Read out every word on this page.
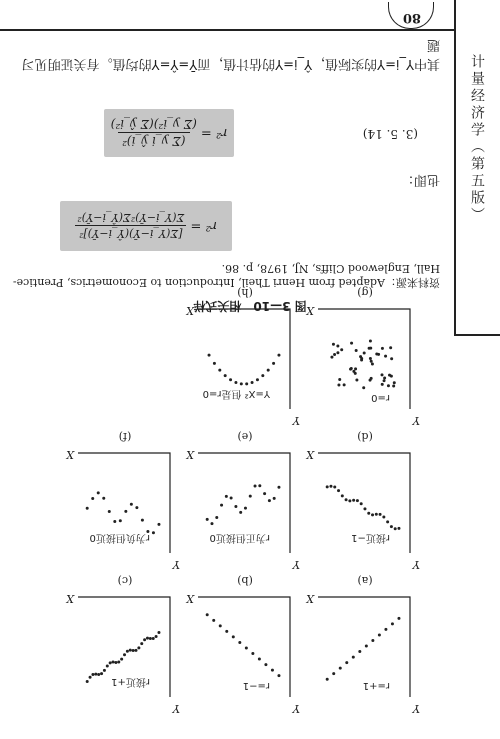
计量经济学（第五版）
80
其中Y_i=Y的实际值，Ŷ_i=Y的估计值，而Ȳ=Ŷ=Y的均值。有关证明见习题
r² =
(Σ y_i ŷ_i)²
(Σ y_i²)(Σ ŷ_i²)
(3. 5. 14)
也即：
r² =
[Σ(Y_i−Ȳ)(Ŷ_i−Ȳ)]²
Σ(Y_i−Ȳ)²Σ(Ŷ_i−Ȳ)²
资料来源：Adapted from Henri Theil, Introduction to Econometrics, Prentice-Hall, Englewood Cliffs, NJ, 1978, p. 86.
图 3—10　相关式样
Y
X
r=+1
(a)
Y
X
r=−1
(b)
Y
X
r接近+1
(c)
Y
X
r接近−1
(d)
Y
X
r为正但接近0
(e)
Y
X
r为负但接近0
(f)
Y
X
r=0
(g)
Y
X
Y=X² 但是r=0
(h)
